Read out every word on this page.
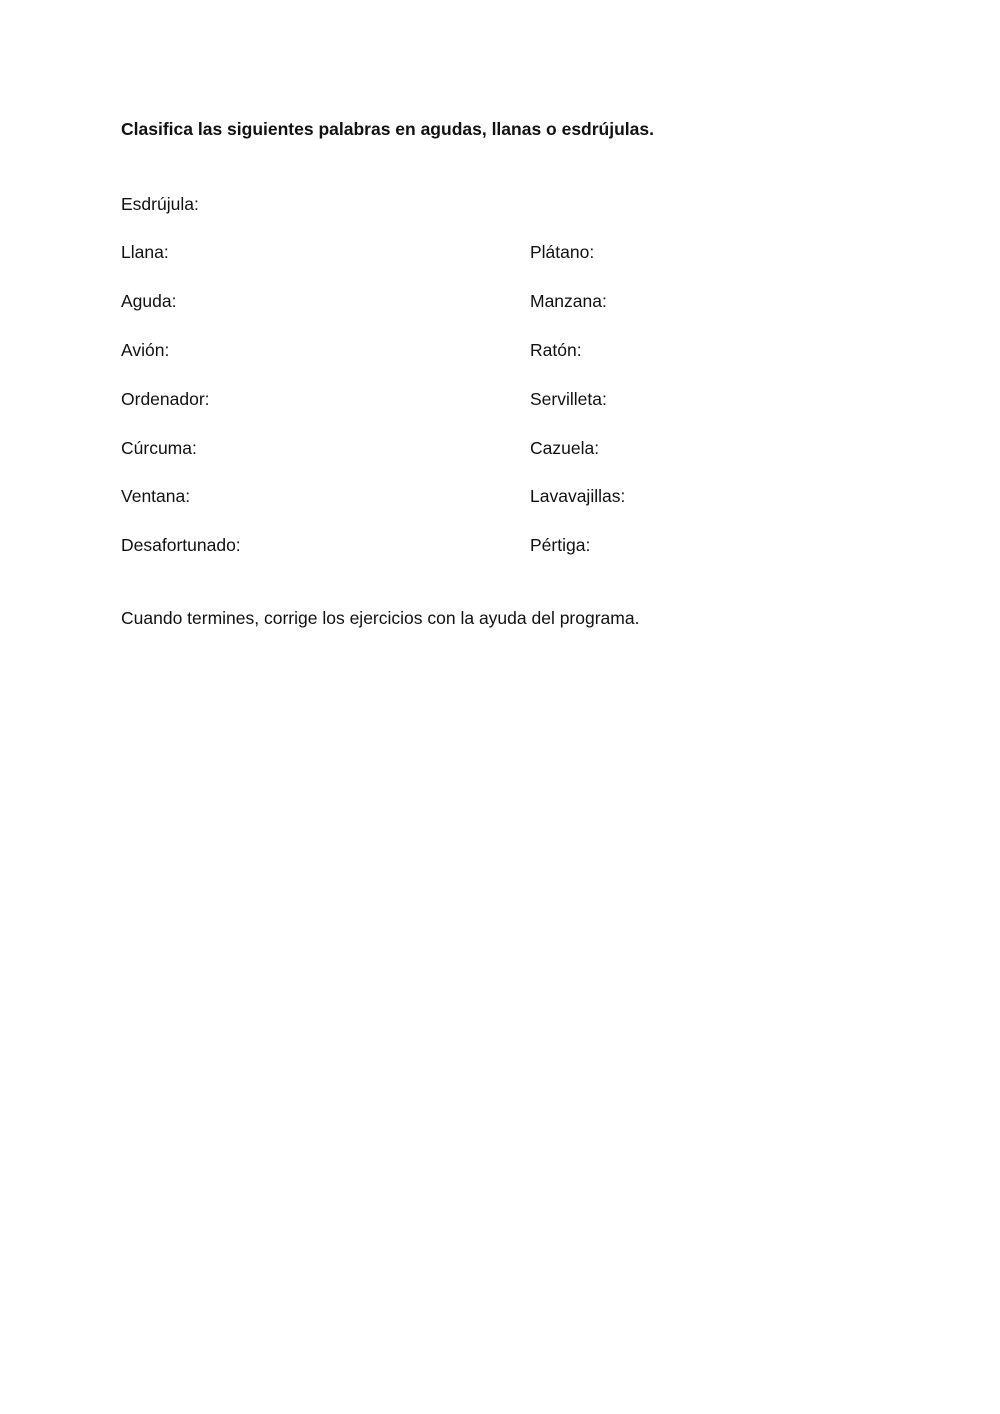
Clasifica las siguientes palabras en agudas, llanas o esdrújulas.
Esdrújula:
Llana:	Plátano:
Aguda:	Manzana:
Avión:	Ratón:
Ordenador:	Servilleta:
Cúrcuma:	Cazuela:
Ventana:	Lavavajillas:
Desafortunado:	Pértiga:
Cuando termines, corrige los ejercicios con la ayuda del programa.
